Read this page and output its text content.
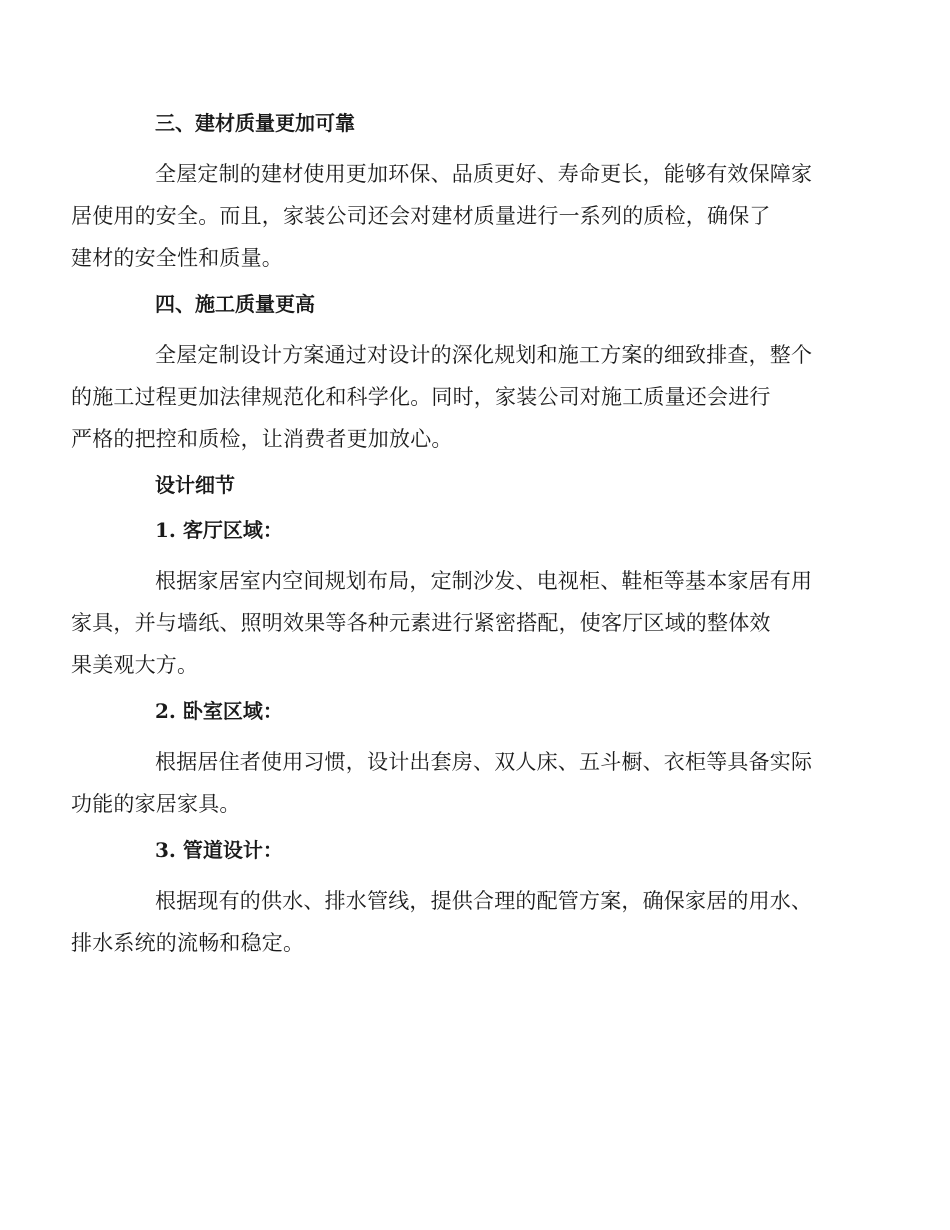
三、建材质量更加可靠
全屋定制的建材使用更加环保、品质更好、寿命更长，能够有效保障家
居使用的安全。而且，家装公司还会对建材质量进行一系列的质检，确保了
建材的安全性和质量。
四、施工质量更高
全屋定制设计方案通过对设计的深化规划和施工方案的细致排查，整个
的施工过程更加法律规范化和科学化。同时，家装公司对施工质量还会进行
严格的把控和质检，让消费者更加放心。
设计细节
1. 客厅区域：
根据家居室内空间规划布局，定制沙发、电视柜、鞋柜等基本家居有用
家具，并与墙纸、照明效果等各种元素进行紧密搭配，使客厅区域的整体效
果美观大方。
2. 卧室区域：
根据居住者使用习惯，设计出套房、双人床、五斗橱、衣柜等具备实际
功能的家居家具。
3. 管道设计：
根据现有的供水、排水管线，提供合理的配管方案，确保家居的用水、
排水系统的流畅和稳定。
